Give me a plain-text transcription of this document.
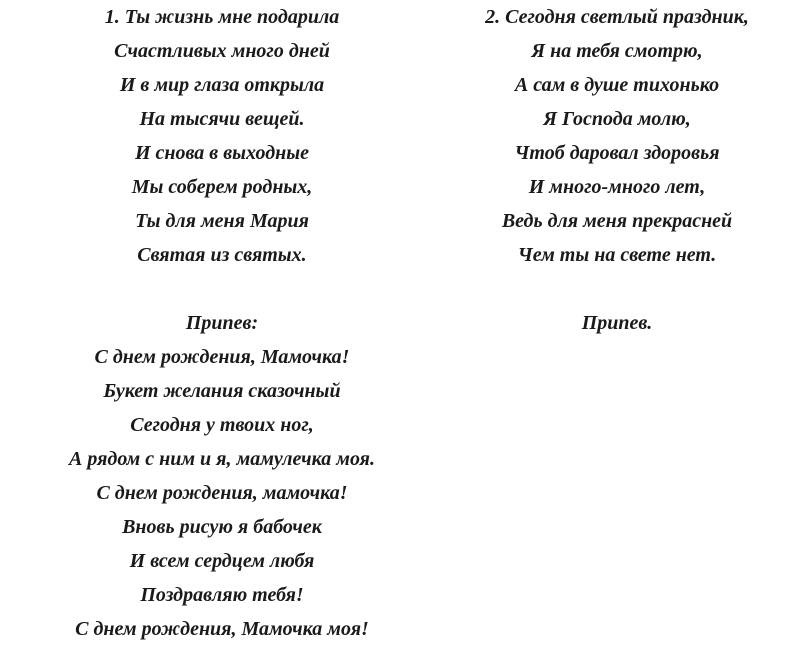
1. Ты жизнь мне подарила
Счастливых много дней
И в мир глаза открыла
На тысячи вещей.
И снова в выходные
Мы соберем родных,
Ты для меня Мария
Святая из святых.
Припев:
С днем рождения, Мамочка!
Букет желания сказочный
Сегодня у твоих ног,
А рядом с ним и я, мамулечка моя.
С днем рождения, мамочка!
Вновь рисую я бабочек
И всем сердцем любя
Поздравляю тебя!
С днем рождения, Мамочка моя!
2. Сегодня светлый праздник,
Я на тебя смотрю,
А сам в душе тихонько
Я Господа молю,
Чтоб даровал здоровья
И много-много лет,
Ведь для меня прекрасней
Чем ты на свете нет.
Припев.
